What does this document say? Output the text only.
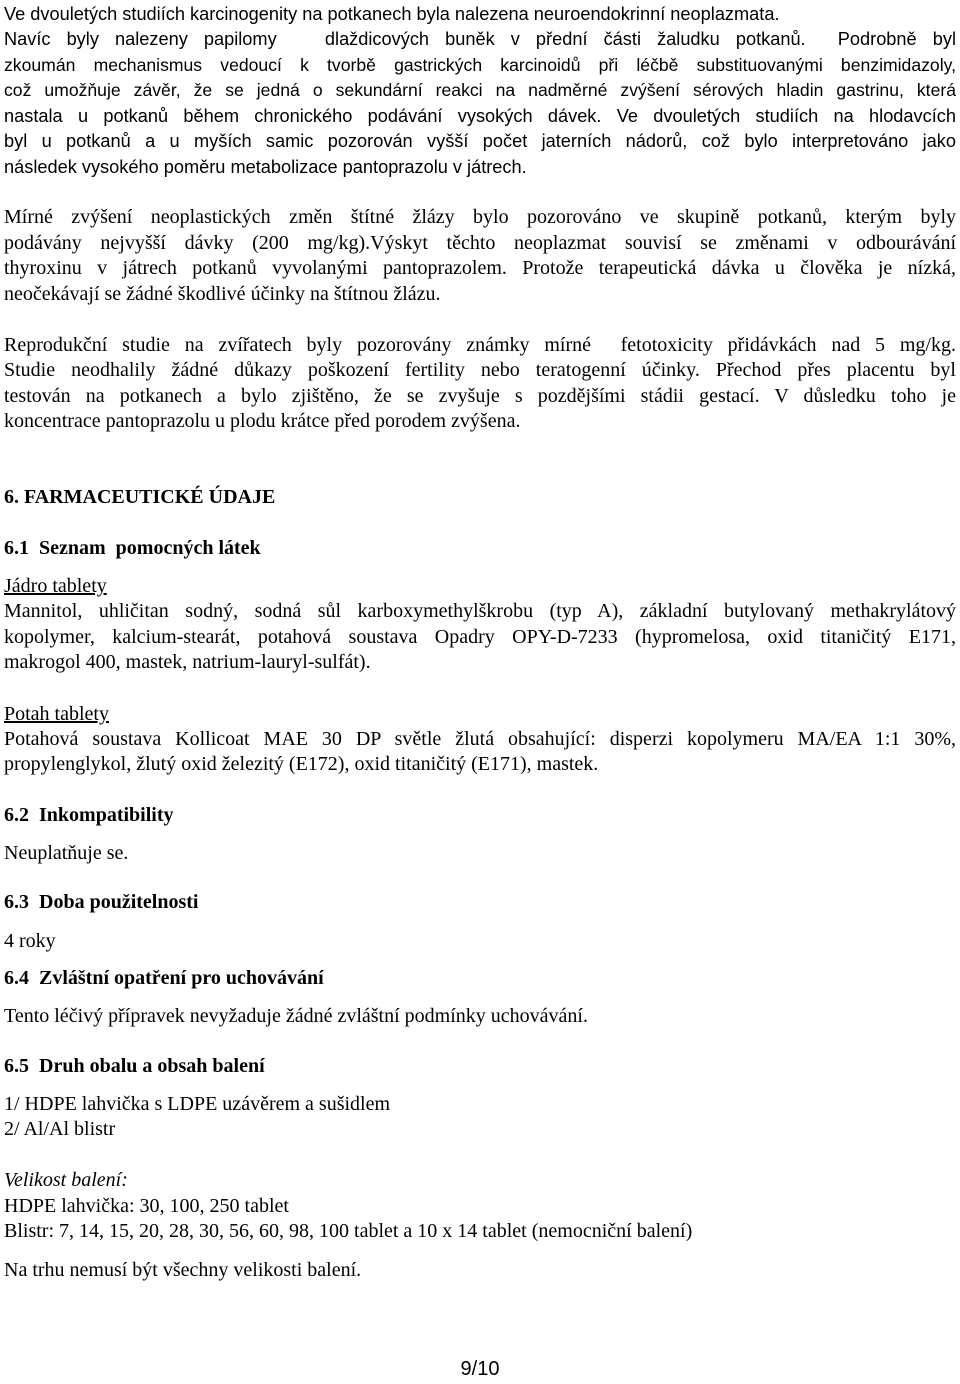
Ve dvouletých studiích karcinogenity na potkanech byla nalezena neuroendokrinní neoplazmata.
Navíc byly nalezeny papilomy   dlaždicových buněk v přední části žaludku potkanů.  Podrobně byl
zkoumán mechanismus vedoucí k tvorbě gastrických karcinoidů při léčbě substituovanými benzimidazoly,
což umožňuje závěr, že se jedná o sekundární reakci na nadměrné zvýšení sérových hladin gastrinu, která
nastala u potkanů během chronického podávání vysokých dávek. Ve dvouletých studiích na hlodavcích
byl u potkanů a u myších samic pozorován vyšší počet jaterních nádorů, což bylo interpretováno jako
následek vysokého poměru metabolizace pantoprazolu v játrech.
Mírné zvýšení neoplastických změn štítné žlázy bylo pozorováno ve skupině potkanů, kterým byly
podávány nejvyšší dávky (200 mg/kg).Výskyt těchto neoplazmat souvisí se změnami v odbourávání
thyroxinu v játrech potkanů vyvolanými pantoprazolem. Protože terapeutická dávka u člověka je nízká,
neočekávají se žádné škodlivé účinky na štítnou žlázu.
Reprodukční studie na zvířatech byly pozorovány známky mírné  fetotoxicity přidávkách nad 5 mg/kg.
Studie neodhalily žádné důkazy poškození fertility nebo teratogenní účinky. Přechod přes placentu byl
testován na potkanech a bylo zjištěno, že se zvyšuje s pozdějšími stádii gestací. V důsledku toho je
koncentrace pantoprazolu u plodu krátce před porodem zvýšena.
6. FARMACEUTICKÉ ÚDAJE
6.1  Seznam  pomocných látek
Jádro tablety
Mannitol, uhličitan sodný, sodná sůl karboxymethylškrobu (typ A), základní butylovaný methakrylátový
kopolymer, kalcium-stearát, potahová soustava Opadry OPY-D-7233 (hypromelosa, oxid titaničitý E171,
makrogol 400, mastek, natrium-lauryl-sulfát).
Potah tablety
Potahová soustava Kollicoat MAE 30 DP světle žlutá obsahující: disperzi kopolymeru MA/EA 1:1 30%,
propylenglykol, žlutý oxid železitý (E172), oxid titaničitý (E171), mastek.
6.2  Inkompatibility
Neuplatňuje se.
6.3  Doba použitelnosti
4 roky
6.4  Zvláštní opatření pro uchovávání
Tento léčivý přípravek nevyžaduje žádné zvláštní podmínky uchovávání.
6.5  Druh obalu a obsah balení
1/ HDPE lahvička s LDPE uzávěrem a sušidlem
2/ Al/Al blistr
Velikost balení:
HDPE lahvička: 30, 100, 250 tablet
Blistr: 7, 14, 15, 20, 28, 30, 56, 60, 98, 100 tablet a 10 x 14 tablet (nemocniční balení)
Na trhu nemusí být všechny velikosti balení.
9/10
